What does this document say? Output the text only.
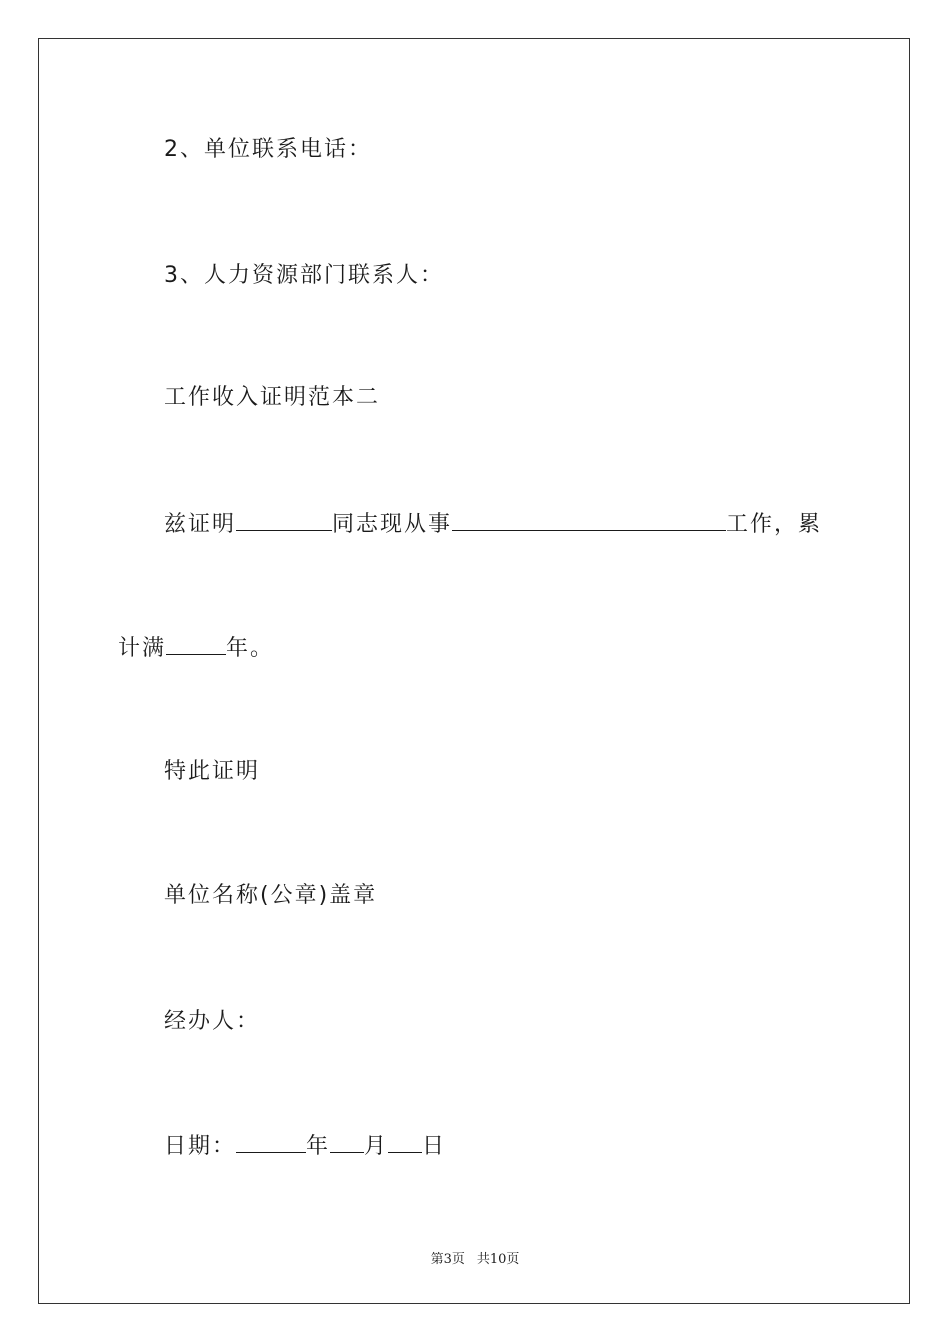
2、单位联系电话：
3、人力资源部门联系人：
工作收入证明范本二
兹证明	同志现从事	工作，累
计满	年。
特此证明
单位名称(公章)盖章
经办人：
日期：	年 月 日
第3页 共10页
